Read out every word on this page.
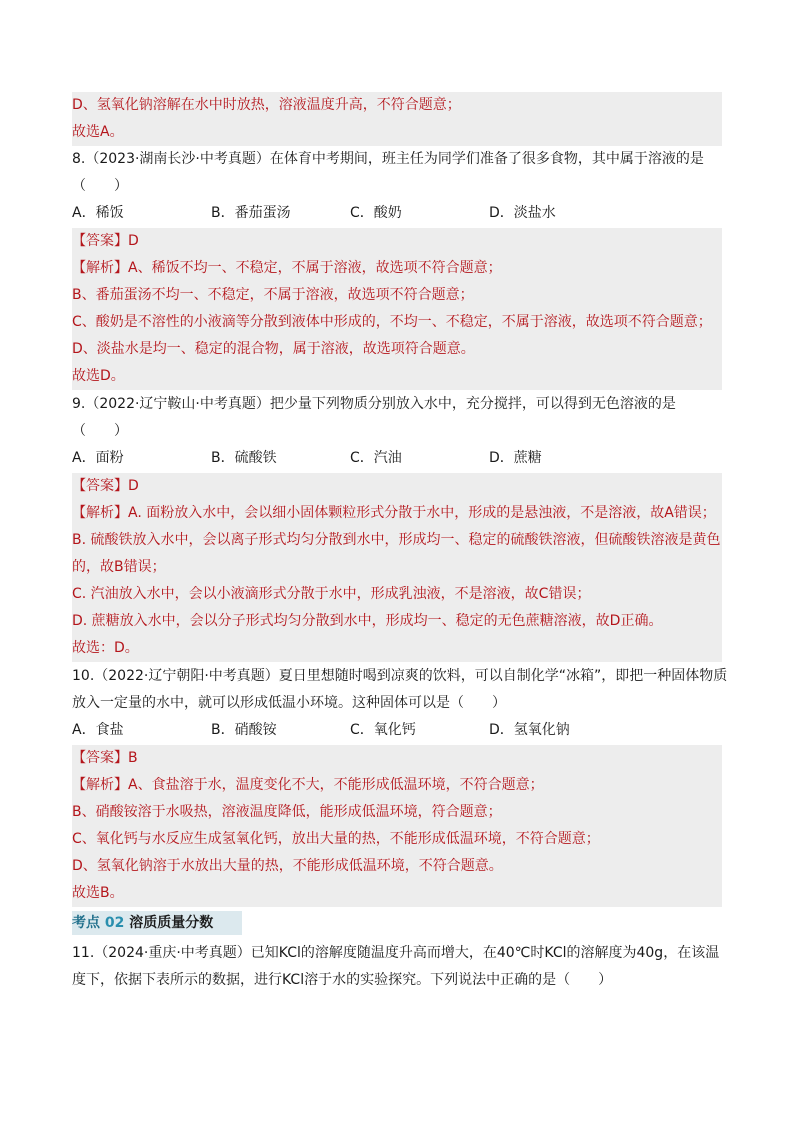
D、氢氧化钠溶解在水中时放热，溶液温度升高，不符合题意；
故选A。
8.（2023·湖南长沙·中考真题）在体育中考期间，班主任为同学们准备了很多食物，其中属于溶液的是
（　　）
A．稀饭	B．番茄蛋汤	C．酸奶	D．淡盐水
【答案】D
【解析】A、稀饭不均一、不稳定，不属于溶液，故选项不符合题意；
B、番茄蛋汤不均一、不稳定，不属于溶液，故选项不符合题意；
C、酸奶是不溶性的小液滴等分散到液体中形成的，不均一、不稳定，不属于溶液，故选项不符合题意；
D、淡盐水是均一、稳定的混合物，属于溶液，故选项符合题意。
故选D。
9.（2022·辽宁鞍山·中考真题）把少量下列物质分别放入水中，充分搅拌，可以得到无色溶液的是
（　　）
A．面粉	B．硫酸铁	C．汽油	D．蔗糖
【答案】D
【解析】A. 面粉放入水中，会以细小固体颗粒形式分散于水中，形成的是悬浊液，不是溶液，故A错误；
B. 硫酸铁放入水中，会以离子形式均匀分散到水中，形成均一、稳定的硫酸铁溶液，但硫酸铁溶液是黄色
的，故B错误；
C. 汽油放入水中，会以小液滴形式分散于水中，形成乳浊液，不是溶液，故C错误；
D. 蔗糖放入水中，会以分子形式均匀分散到水中，形成均一、稳定的无色蔗糖溶液，故D正确。
故选：D。
10.（2022·辽宁朝阳·中考真题）夏日里想随时喝到凉爽的饮料，可以自制化学“冰箱”，即把一种固体物质
放入一定量的水中，就可以形成低温小环境。这种固体可以是（　　）
A．食盐	B．硝酸铵	C．氧化钙	D．氢氧化钠
【答案】B
【解析】A、食盐溶于水，温度变化不大，不能形成低温环境，不符合题意；
B、硝酸铵溶于水吸热，溶液温度降低，能形成低温环境，符合题意；
C、氧化钙与水反应生成氢氧化钙，放出大量的热，不能形成低温环境，不符合题意；
D、氢氧化钠溶于水放出大量的热，不能形成低温环境，不符合题意。
故选B。
考点 02 溶质质量分数
11.（2024·重庆·中考真题）已知KCl的溶解度随温度升高而增大，在40℃时KCl的溶解度为40g，在该温
度下，依据下表所示的数据，进行KCl溶于水的实验探究。下列说法中正确的是（　　）
